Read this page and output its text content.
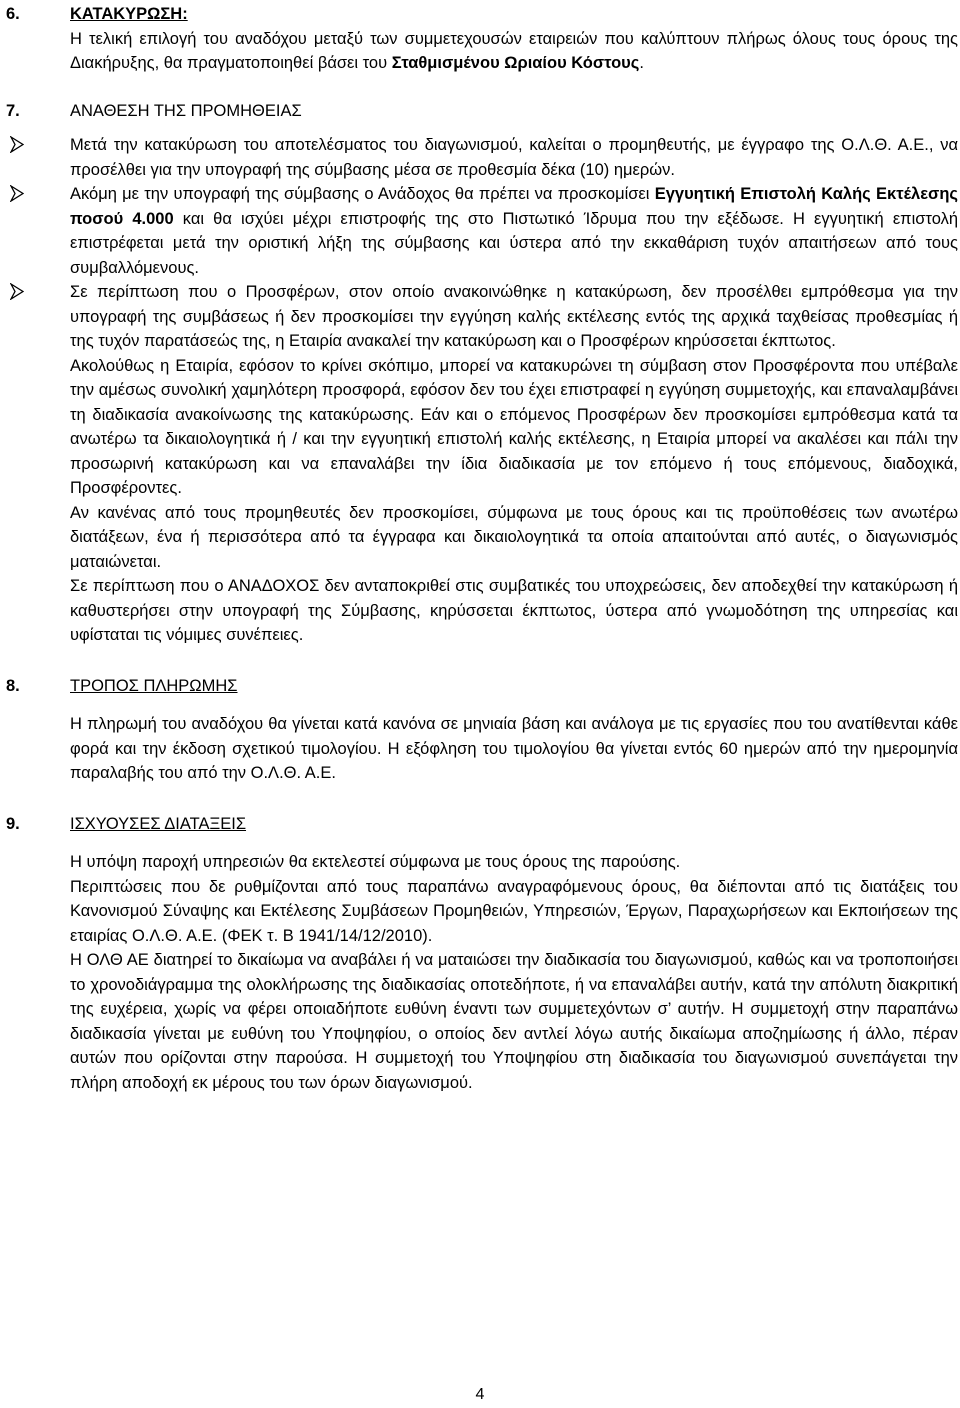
6.	ΚΑΤΑΚΥΡΩΣΗ:

Η τελική επιλογή του αναδόχου μεταξύ των συμμετεχουσών εταιρειών που καλύπτουν πλήρως όλους τους όρους της Διακήρυξης, θα πραγματοποιηθεί βάσει του Σταθμισμένου Ωριαίου Κόστους.

7.	ΑΝΑΘΕΣΗ ΤΗΣ ΠΡΟΜΗΘΕΙΑΣ

Μετά την κατακύρωση του αποτελέσματος του διαγωνισμού, καλείται ο προμηθευτής, με έγγραφο της Ο.Λ.Θ. Α.Ε., να προσέλθει για την υπογραφή της σύμβασης μέσα σε προθεσμία δέκα (10) ημερών.

Ακόμη με την υπογραφή της σύμβασης ο Ανάδοχος θα πρέπει να προσκομίσει Εγγυητική Επιστολή Καλής Εκτέλεσης ποσού 4.000 και θα ισχύει μέχρι επιστροφής της στο Πιστωτικό Ίδρυμα που την εξέδωσε. Η εγγυητική επιστολή επιστρέφεται μετά την οριστική λήξη της σύμβασης και ύστερα από την εκκαθάριση τυχόν απαιτήσεων από τους συμβαλλόμενους.

Σε περίπτωση που ο Προσφέρων, στον οποίο ανακοινώθηκε η κατακύρωση, δεν προσέλθει εμπρόθεσμα για την υπογραφή της συμβάσεως ή δεν προσκομίσει την εγγύηση καλής εκτέλεσης εντός της αρχικά ταχθείσας προθεσμίας ή της τυχόν παρατάσεώς της, η Εταιρία ανακαλεί την κατακύρωση και ο Προσφέρων κηρύσσεται έκπτωτος.

Ακολούθως η Εταιρία, εφόσον το κρίνει σκόπιμο, μπορεί να κατακυρώνει τη σύμβαση στον Προσφέροντα που υπέβαλε την αμέσως συνολική χαμηλότερη προσφορά, εφόσον δεν του έχει επιστραφεί η εγγύηση συμμετοχής, και επαναλαμβάνει τη διαδικασία ανακοίνωσης της κατακύρωσης. Εάν και ο επόμενος Προσφέρων δεν προσκομίσει εμπρόθεσμα κατά τα ανωτέρω τα δικαιολογητικά ή / και την εγγυητική επιστολή καλής εκτέλεσης, η Εταιρία μπορεί να ακαλέσει και πάλι την προσωρινή κατακύρωση και να επαναλάβει την ίδια διαδικασία με τον επόμενο ή τους επόμενους, διαδοχικά, Προσφέροντες.

Αν κανένας από τους προμηθευτές δεν προσκομίσει, σύμφωνα με τους όρους και τις προϋποθέσεις των ανωτέρω διατάξεων, ένα ή περισσότερα από τα έγγραφα και δικαιολογητικά τα οποία απαιτούνται από αυτές, ο διαγωνισμός ματαιώνεται.

Σε περίπτωση που ο ΑΝΑΔΟΧΟΣ δεν ανταποκριθεί στις συμβατικές του υποχρεώσεις, δεν αποδεχθεί την κατακύρωση ή καθυστερήσει στην υπογραφή της Σύμβασης, κηρύσσεται έκπτωτος, ύστερα από γνωμοδότηση της υπηρεσίας και υφίσταται τις νόμιμες συνέπειες.

8.	ΤΡΟΠΟΣ ΠΛΗΡΩΜΗΣ

Η πληρωμή του αναδόχου θα γίνεται κατά κανόνα σε μηνιαία βάση και ανάλογα με τις εργασίες που του ανατίθενται κάθε φορά και την έκδοση σχετικού τιμολογίου. Η εξόφληση του τιμολογίου θα γίνεται εντός 60 ημερών από την ημερομηνία παραλαβής του από την Ο.Λ.Θ. Α.Ε.

9.	ΙΣΧΥΟΥΣΕΣ ΔΙΑΤΑΞΕΙΣ

Η υπόψη παροχή υπηρεσιών θα εκτελεστεί σύμφωνα με τους όρους της παρούσης.

Περιπτώσεις που δε ρυθμίζονται από τους παραπάνω αναγραφόμενους όρους, θα διέπονται από τις διατάξεις του Κανονισμού Σύναψης και Εκτέλεσης Συμβάσεων Προμηθειών, Υπηρεσιών, Έργων, Παραχωρήσεων και Εκποιήσεων της εταιρίας Ο.Λ.Θ. Α.Ε. (ΦΕΚ τ. Β 1941/14/12/2010).

Η ΟΛΘ ΑΕ διατηρεί το δικαίωμα να αναβάλει ή να ματαιώσει την διαδικασία του διαγωνισμού, καθώς και να τροποποιήσει το χρονοδιάγραμμα της ολοκλήρωσης της διαδικασίας οποτεδήποτε, ή να επαναλάβει αυτήν, κατά την απόλυτη διακριτική της ευχέρεια, χωρίς να φέρει οποιαδήποτε ευθύνη έναντι των συμμετεχόντων σ’ αυτήν. Η συμμετοχή στην παραπάνω διαδικασία γίνεται με ευθύνη του Υποψηφίου, ο οποίος δεν αντλεί λόγω αυτής δικαίωμα αποζημίωσης ή άλλο, πέραν αυτών που ορίζονται στην παρούσα. Η συμμετοχή του Υποψηφίου στη διαδικασία του διαγωνισμού συνεπάγεται την πλήρη αποδοχή εκ μέρους του των όρων διαγωνισμού.

4
